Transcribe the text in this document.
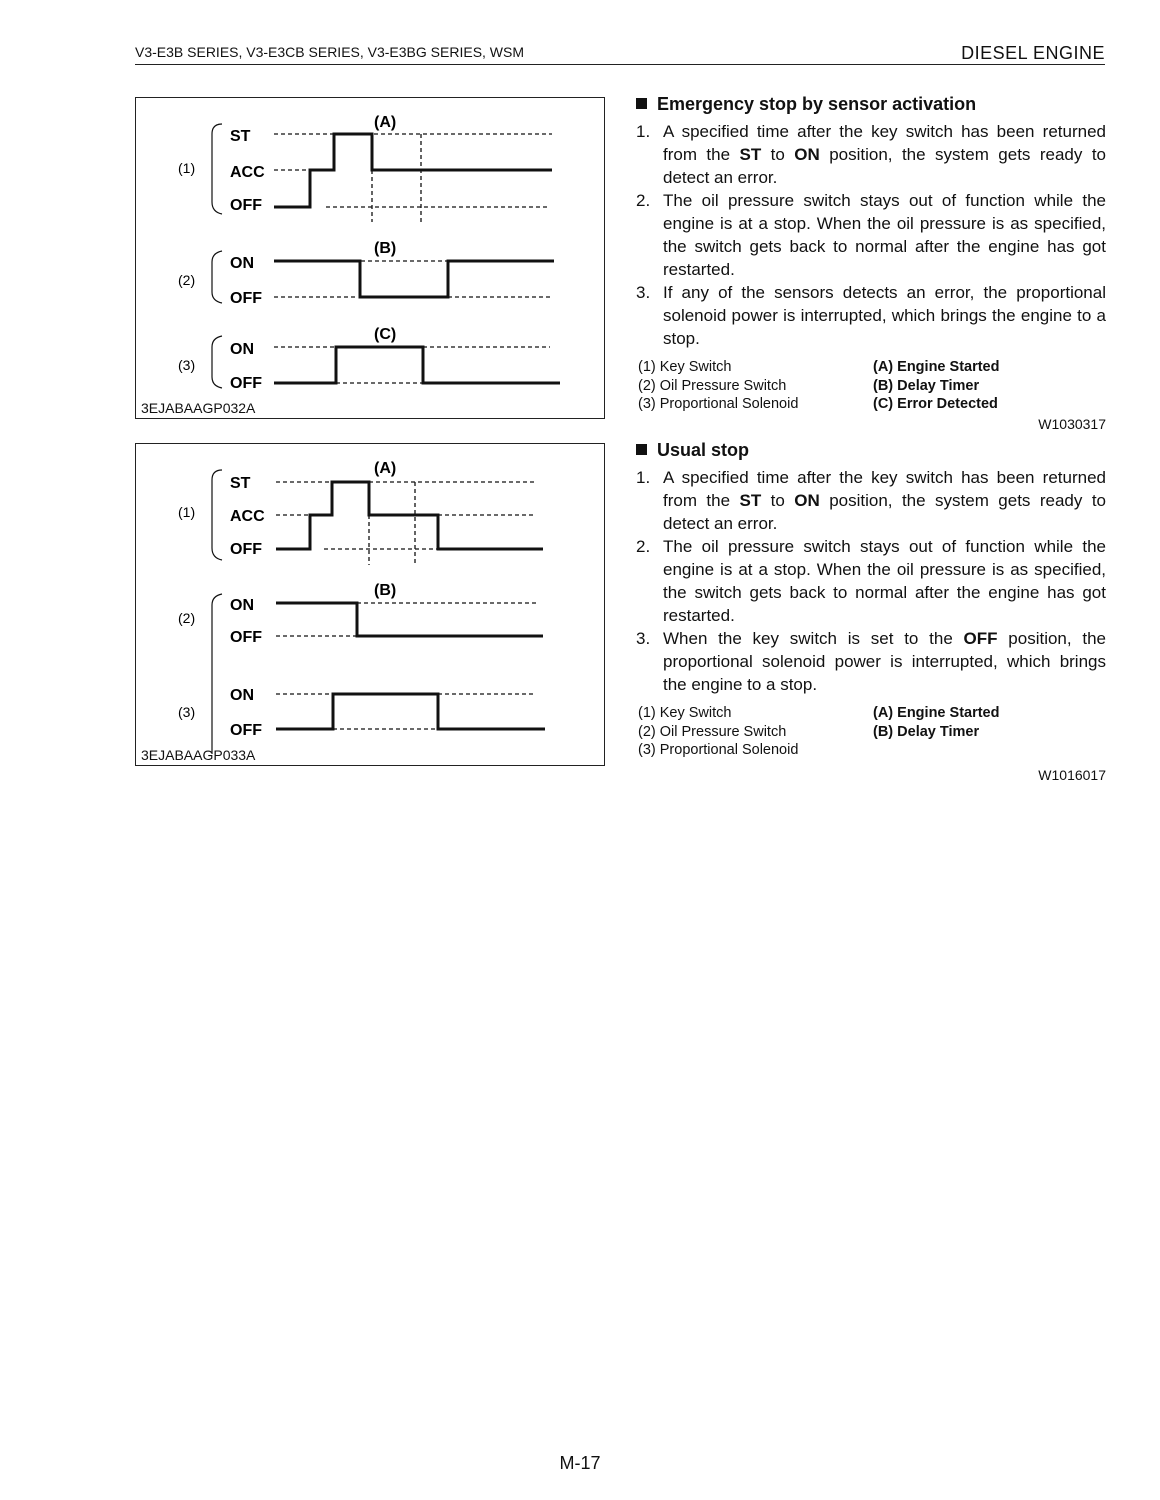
V3-E3B SERIES, V3-E3CB SERIES, V3-E3BG SERIES, WSM	DIESEL ENGINE
(1)
(2)
(3)
ST
ACC
OFF
ON
OFF
ON
OFF
(A)
(B)
(C)
3EJABAAGP032A
(1)
(2)
(3)
ST
ACC
OFF
ON
OFF
ON
OFF
(A)
(B)
3EJABAAGP033A
Emergency stop by sensor activation
1. A specified time after the key switch has been returned from the ST to ON position, the system gets ready to detect an error.
2. The oil pressure switch stays out of function while the engine is at a stop. When the oil pressure is as specified, the switch gets back to normal after the engine has got restarted.
3. If any of the sensors detects an error, the proportional solenoid power is interrupted, which brings the engine to a stop.
(1) Key Switch
(2) Oil Pressure Switch
(3) Proportional Solenoid
(A) Engine Started
(B) Delay Timer
(C) Error Detected
W1030317
Usual stop
1. A specified time after the key switch has been returned from the ST to ON position, the system gets ready to detect an error.
2. The oil pressure switch stays out of function while the engine is at a stop. When the oil pressure is as specified, the switch gets back to normal after the engine has got restarted.
3. When the key switch is set to the OFF position, the proportional solenoid power is interrupted, which brings the engine to a stop.
(1) Key Switch
(2) Oil Pressure Switch
(3) Proportional Solenoid
(A) Engine Started
(B) Delay Timer
W1016017
M-17
